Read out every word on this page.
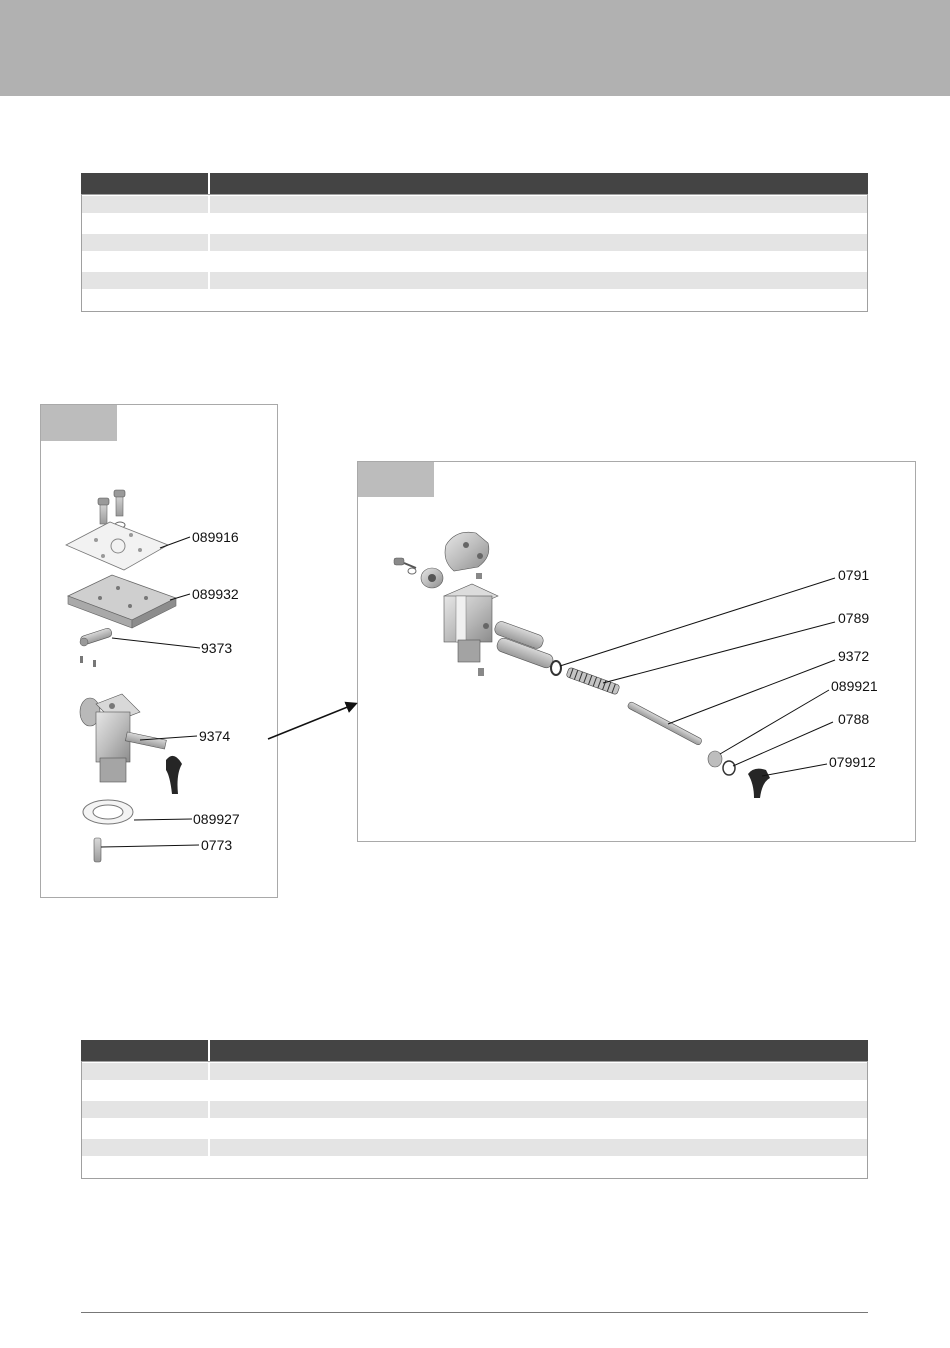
089916
089932
9373
9374
089927
0773
0791
0789
9372
089921
0788
079912
